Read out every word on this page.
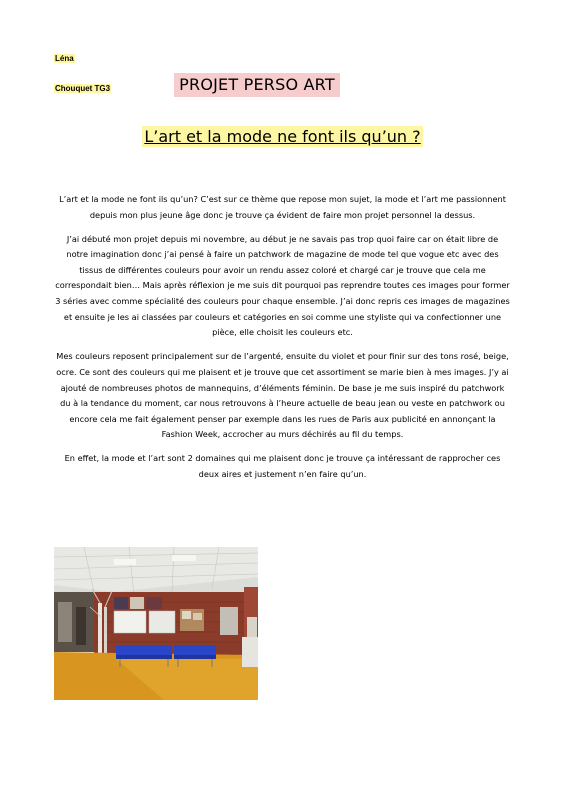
Léna
Chouquet TG3	PROJET PERSO ART
L’art et la mode ne font ils qu’un ?

L’art et la mode ne font ils qu’un? C’est sur ce thème que repose mon sujet, la mode et l’art me passionnent depuis mon plus jeune âge donc je trouve ça évident de faire mon projet personnel la dessus.

J’ai débuté mon projet depuis mi novembre, au début je ne savais pas trop quoi faire car on était libre de notre imagination donc j’ai pensé à faire un patchwork de magazine de mode tel que vogue etc avec des tissus de différentes couleurs pour avoir un rendu assez coloré et chargé car je trouve que cela me correspondait bien… Mais après réflexion je me suis dit pourquoi pas reprendre toutes ces images pour former 3 séries avec comme spécialité des couleurs pour chaque ensemble. J’ai donc repris ces images de magazines et ensuite je les ai classées par couleurs et catégories en soi comme une styliste qui va confectionner une pièce, elle choisit les couleurs etc.

Mes couleurs reposent principalement sur de l’argenté, ensuite du violet et pour finir sur des tons rosé, beige, ocre. Ce sont des couleurs qui me plaisent et je trouve que cet assortiment se marie bien à mes images. J’y ai ajouté de nombreuses photos de mannequins, d’éléments féminin. De base je me suis inspiré du patchwork du à la tendance du moment, car nous retrouvons à l’heure actuelle de beau jean ou veste en patchwork ou encore cela me fait également penser par exemple dans les rues de Paris aux publicité en annonçant la Fashion Week, accrocher au murs déchirés au fil du temps.

En effet, la mode et l’art sont 2 domaines qui me plaisent donc je trouve ça intéressant de rapprocher ces deux aires et justement n’en faire qu’un.
